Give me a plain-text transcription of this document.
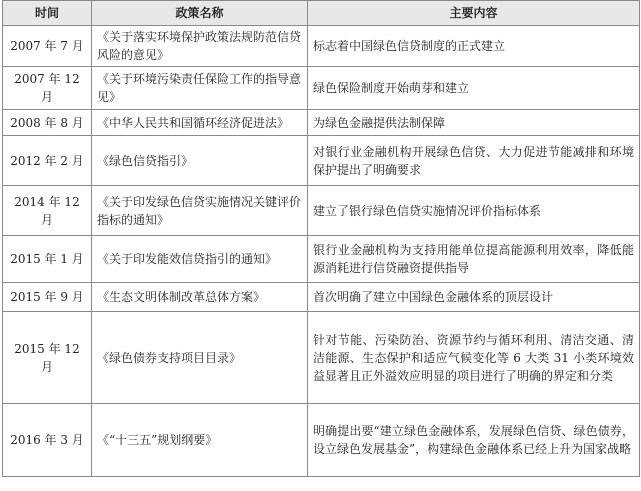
时间	政策名称	主要内容
2007 年 7 月	《关于落实环境保护政策法规防范信贷风险的意见》	标志着中国绿色信贷制度的正式建立
2007 年 12 月	《关于环境污染责任保险工作的指导意见》	绿色保险制度开始萌芽和建立
2008 年 8 月	《中华人民共和国循环经济促进法》	为绿色金融提供法制保障
2012 年 2 月	《绿色信贷指引》	对银行业金融机构开展绿色信贷、大力促进节能减排和环境保护提出了明确要求
2014 年 12 月	《关于印发绿色信贷实施情况关键评价指标的通知》	建立了银行绿色信贷实施情况评价指标体系
2015 年 1 月	《关于印发能效信贷指引的通知》	银行业金融机构为支持用能单位提高能源利用效率，降低能源消耗进行信贷融资提供指导
2015 年 9 月	《生态文明体制改革总体方案》	首次明确了建立中国绿色金融体系的顶层设计
2015 年 12 月	《绿色债券支持项目目录》	针对节能、污染防治、资源节约与循环利用、清洁交通、清洁能源、生态保护和适应气候变化等 6 大类 31 小类环境效益显著且正外溢效应明显的项目进行了明确的界定和分类
2016 年 3 月	《“十三五”规划纲要》	明确提出要“建立绿色金融体系，发展绿色信贷、绿色债券，设立绿色发展基金”，构建绿色金融体系已经上升为国家战略
